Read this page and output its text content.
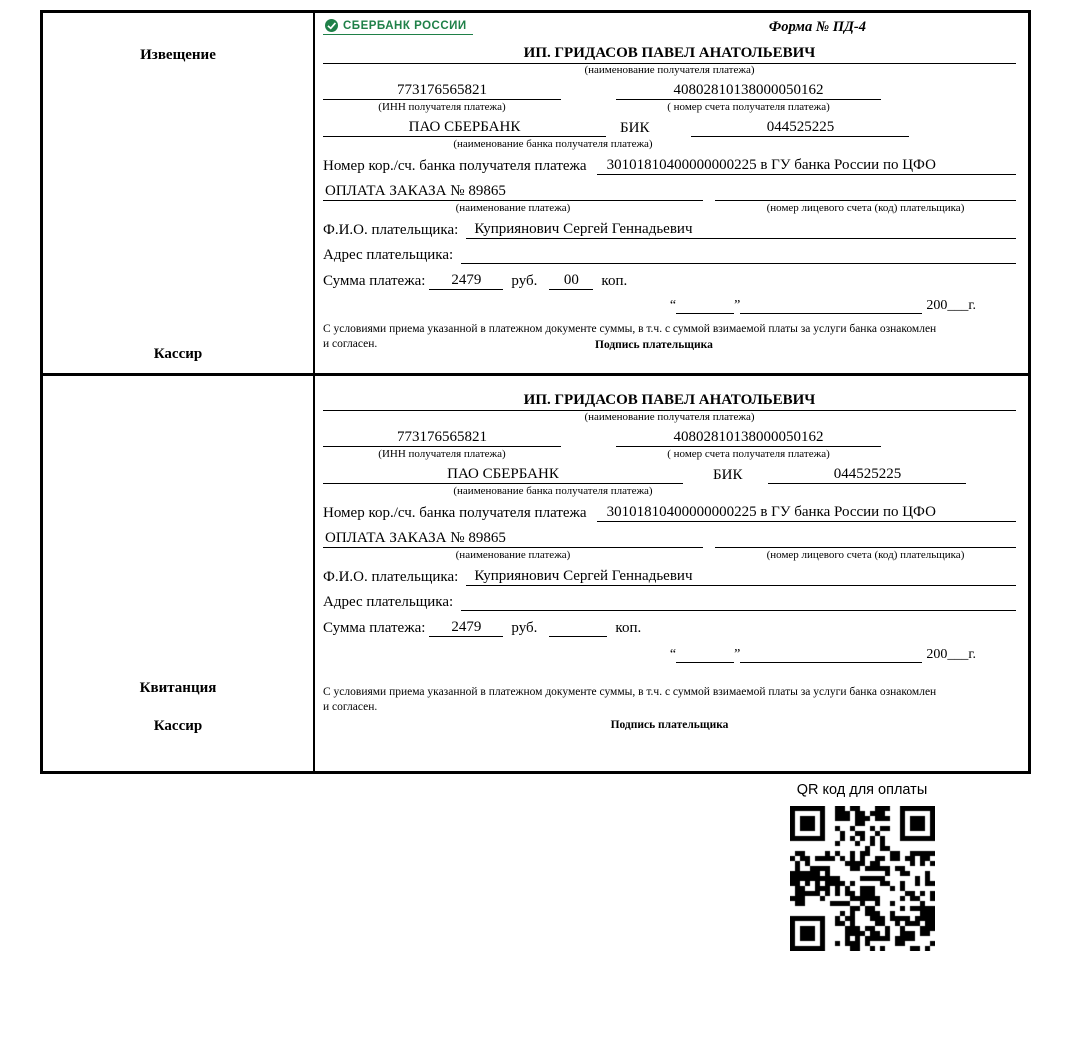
Извещение
Кассир
СБЕРБАНК РОССИИ	Форма № ПД-4
ИП. ГРИДАСОВ ПАВЕЛ АНАТОЛЬЕВИЧ
(наименование получателя платежа)
773176565821	40802810138000050162
(ИНН получателя платежа)	( номер счета получателя платежа)
ПАО СБЕРБАНК	БИК	044525225
(наименование банка получателя платежа)
Номер кор./сч. банка получателя платежа	30101810400000000225 в ГУ банка России по ЦФО
ОПЛАТА ЗАКАЗА № 89865
(наименование платежа)	(номер лицевого счета (код) плательщика)
Ф.И.О. плательщика:	Куприянович Сергей Геннадьевич
Адрес плательщика:
Сумма платежа:	2479	руб.	00	коп.
“	”	200___г.
С условиями приема указанной в платежном документе суммы, в т.ч. с суммой взимаемой платы за услуги банка ознакомлен и согласен.	Подпись плательщика
Квитанция
Кассир
ИП. ГРИДАСОВ ПАВЕЛ АНАТОЛЬЕВИЧ
(наименование получателя платежа)
773176565821	40802810138000050162
(ИНН получателя платежа)	( номер счета получателя платежа)
ПАО СБЕРБАНК	БИК	044525225
(наименование банка получателя платежа)
Номер кор./сч. банка получателя платежа	30101810400000000225 в ГУ банка России по ЦФО
ОПЛАТА ЗАКАЗА № 89865
(наименование платежа)	(номер лицевого счета (код) плательщика)
Ф.И.О. плательщика:	Куприянович Сергей Геннадьевич
Адрес плательщика:
Сумма платежа:	2479	руб.	коп.
“	”	200___г.
С условиями приема указанной в платежном документе суммы, в т.ч. с суммой взимаемой платы за услуги банка ознакомлен и согласен.
Подпись плательщика
QR код для оплаты
